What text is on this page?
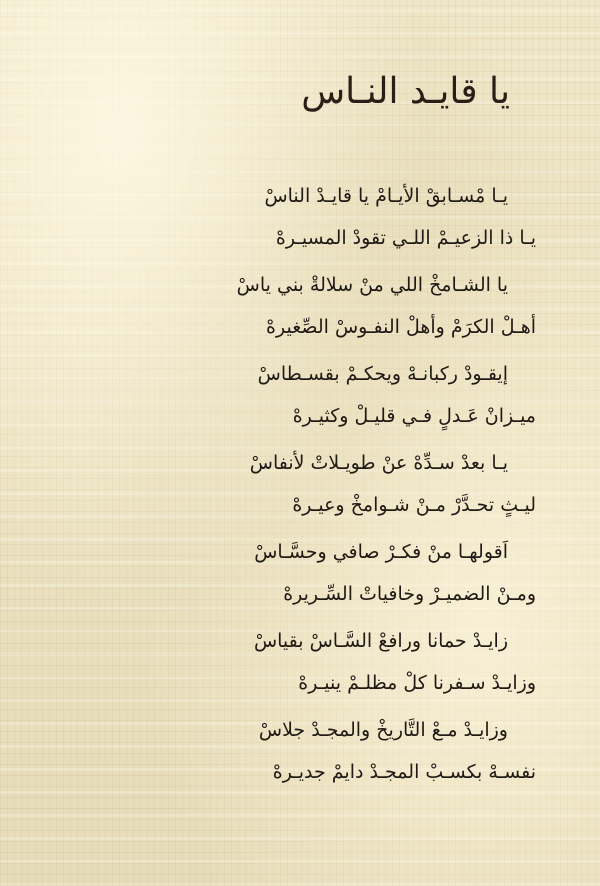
يا قايـد النـاس
يـا مْسـابقْ الأيـامْ يا قايـدْ الناسْ
يـا ذا الزعيـمْ اللـي تقودْ المسيـرهْ
يا الشـامخْ اللي منْ سلالةْ بني ياسْ
أهـلْ الكرَمْ وأهلْ النفـوسْ الصِّغيرهْ
إيقـودْ ركبانـهْ ويحكـمْ بقسـطاسْ
ميـزانْ عَـدلٍ فـي قليـلْ وكثيـرهْ
يـا بعدْ سـدِّهْ عنْ طويـلاتْ لأنفاسْ
ليـثٍ تحـدَّرْ مـنْ شـوامخْ وعيـرهْ
اَقولهـا منْ فكـرْ صافي وحسَّـاسْ
ومـنْ الضميـرْ وخافياتْ السِّـريرهْ
زايـدْ حمانا ورافعْ السَّـاسْ بقياسْ
وزايـدْ سـفرنا كلْ مظلـمْ ينيـرهْ
وزايـدْ مـعْ التَّاريخْ والمجـدْ جلاسْ
نفسـهْ بكسـبْ المجـدْ دايمْ جديـرهْ
